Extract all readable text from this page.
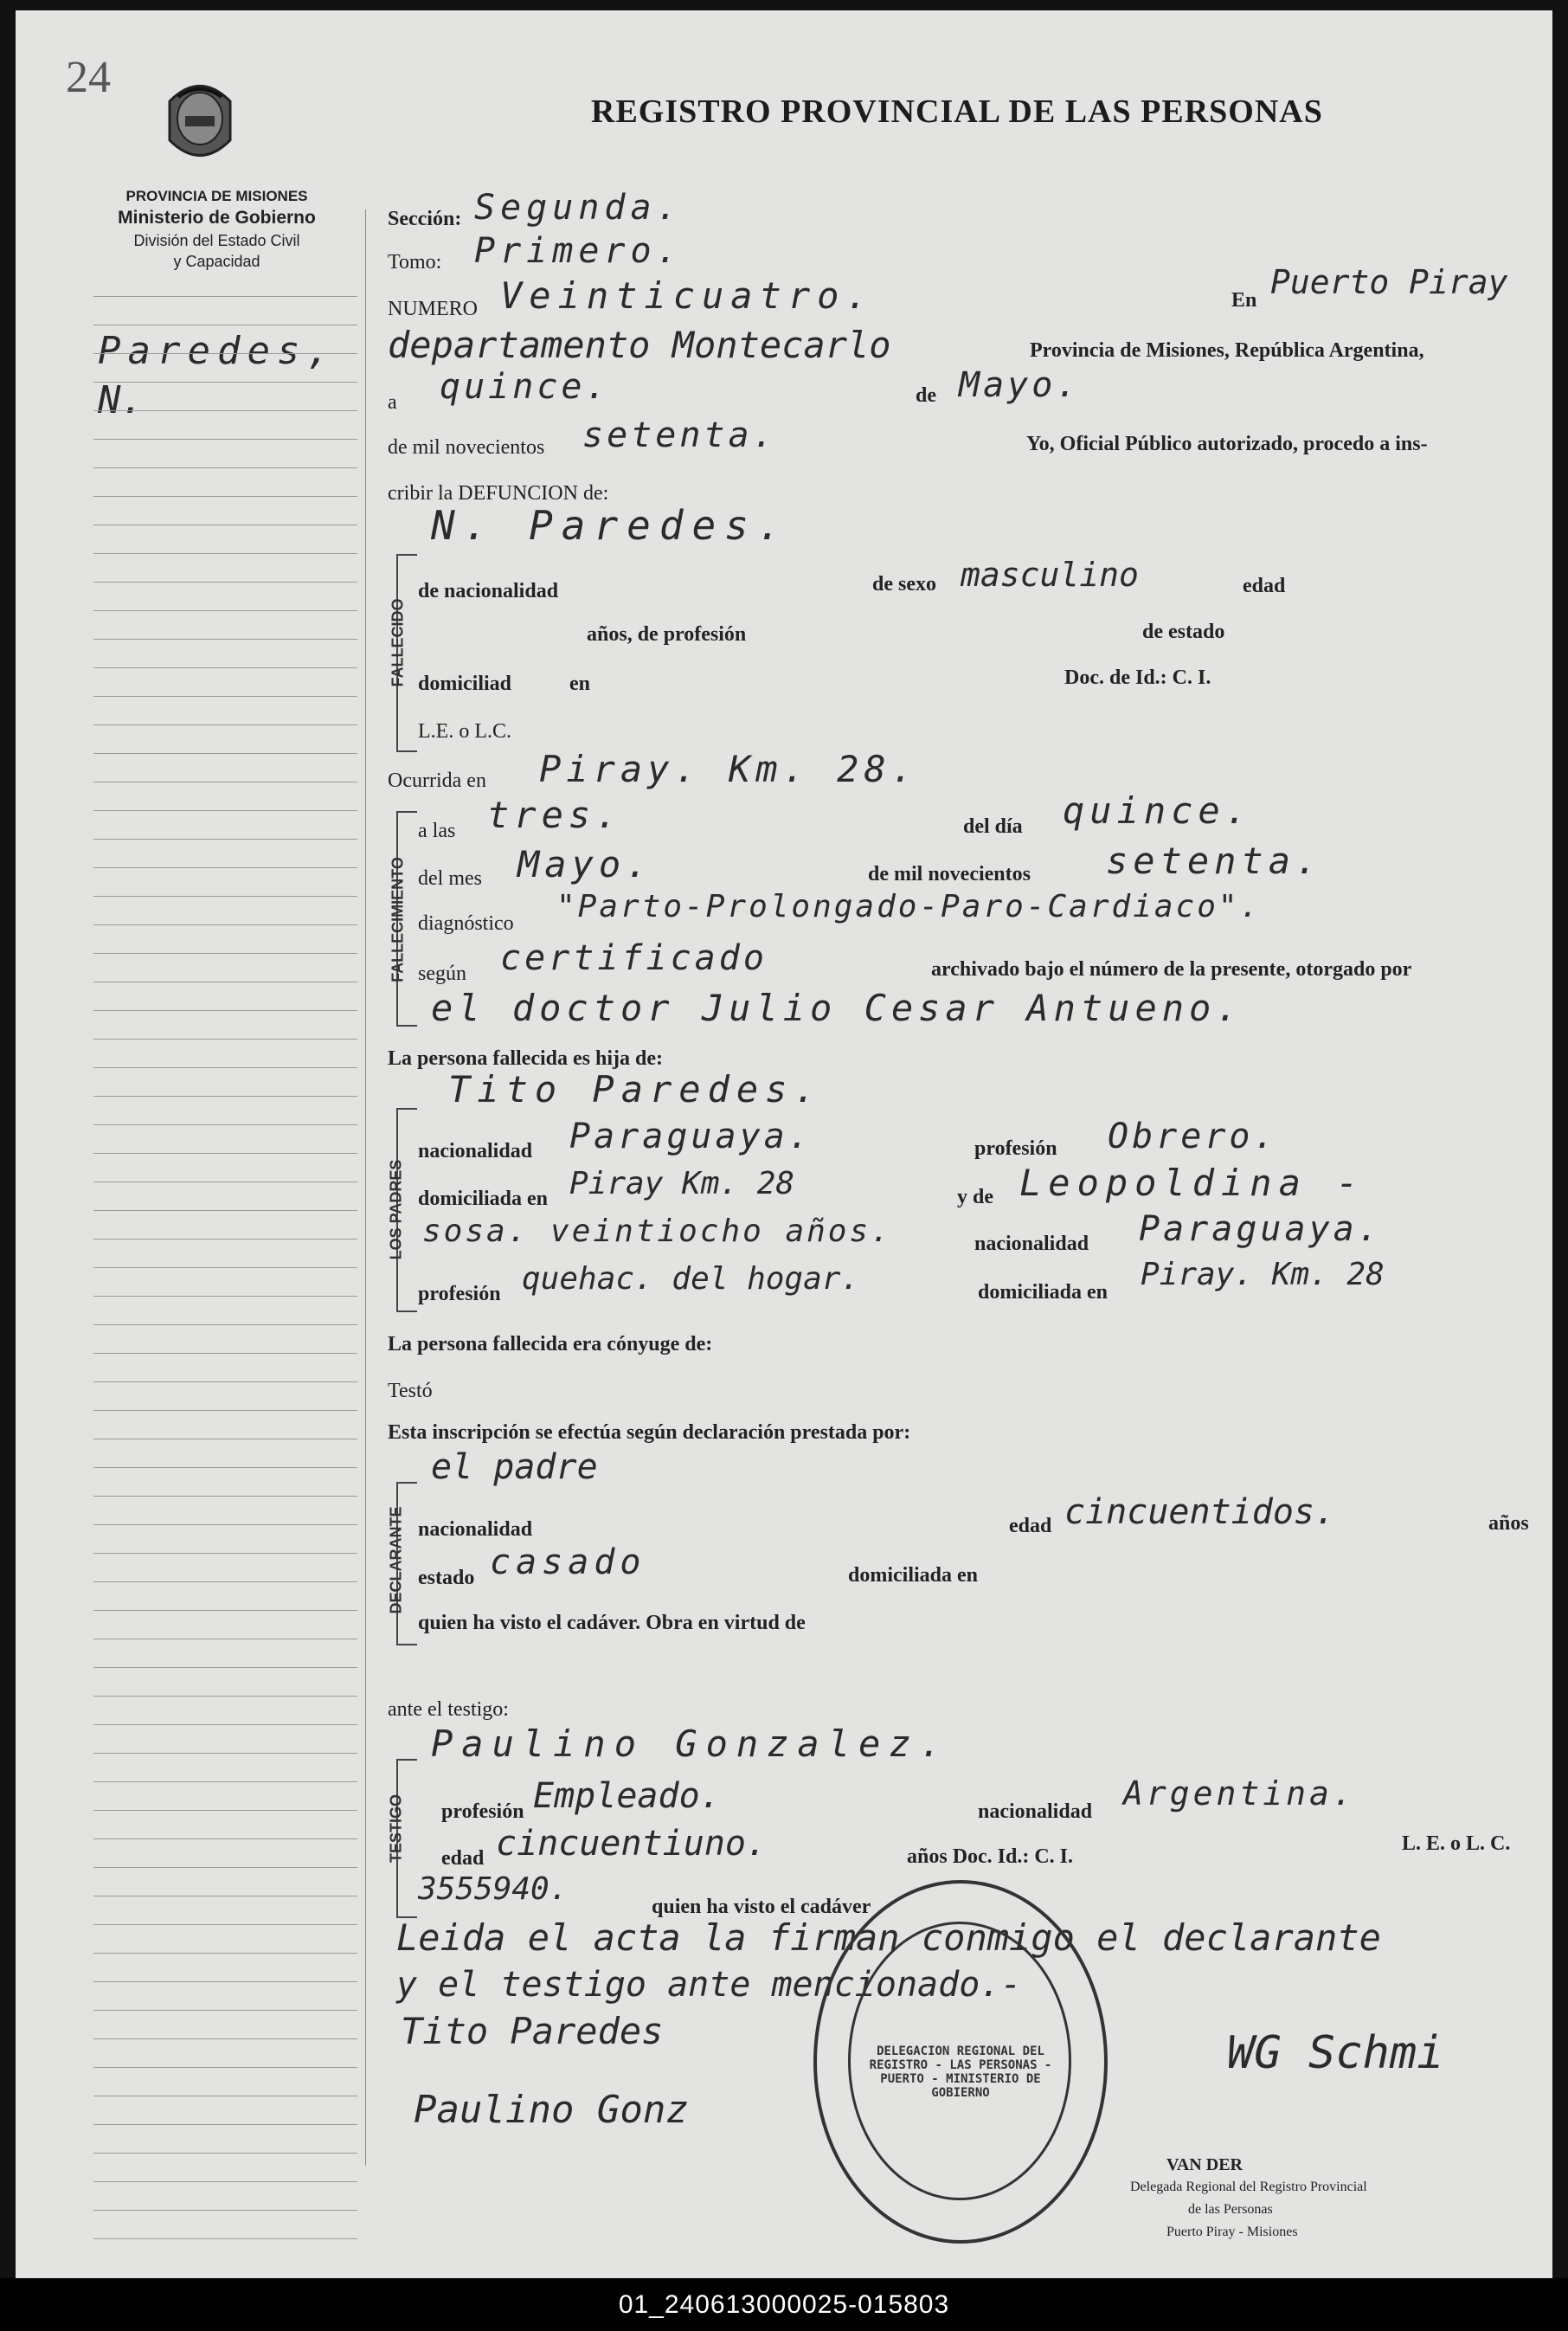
24
REGISTRO PROVINCIAL DE LAS PERSONAS
PROVINCIA DE MISIONES
Ministerio de Gobierno
División del Estado Civil
y Capacidad
Paredes,
N.
Sección: Segunda.
Tomo: Primero.
NUMERO Veinticuatro.	En Puerto Piray
departamento Montecarlo	Provincia de Misiones, República Argentina,
a quince.	de Mayo.
de mil novecientos setenta.	Yo, Oficial Público autorizado, procedo a ins-
cribir la DEFUNCION de:
N. Paredes.
FALLECIDO
de nacionalidad	de sexo masculino	edad
años, de profesión	de estado
domiciliad	en	Doc. de Id.: C. I.
L.E. o L.C.
Ocurrida en Piray. Km. 28.
FALLECIMIENTO
a las tres.	del día quince.
del mes Mayo.	de mil novecientos setenta.
diagnóstico "Parto-Prolongado-Paro-Cardiaco".
según certificado	archivado bajo el número de la presente, otorgado por
el doctor Julio Cesar Antueno.
La persona fallecida es hija de:
Tito Paredes.
LOS PADRES
nacionalidad Paraguaya.	profesión Obrero.
domiciliada en Piray Km. 28	y de Leopoldina -
sosa. veintiocho años.	nacionalidad Paraguaya.
profesión quehac. del hogar.	domiciliada en Piray. Km. 28
La persona fallecida era cónyuge de:
Testó
Esta inscripción se efectúa según declaración prestada por:
el padre
DECLARANTE nacionalidad	edad cincuentidos.	años
estado casado	domiciliada en
quien ha visto el cadáver. Obra en virtud de
ante el testigo:
Paulino Gonzalez.
TESTIGO profesión Empleado.	nacionalidad Argentina.
edad cincuentiuno.	años Doc. Id.: C. I.
L. E. o L. C.
3555940.	quien ha visto el cadáver
Leida el acta la firman conmigo el declarante
y el testigo ante mencionado.-
Tito Paredes
Paulino Gonz
WG Schmi
DELEGACION REGIONAL DEL REGISTRO - LAS PERSONAS - PUERTO - MINISTERIO DE GOBIERNO
VAN DER
Delegada Regional del Registro Provincial
de las Personas
Puerto Piray - Misiones
01_240613000025-015803
